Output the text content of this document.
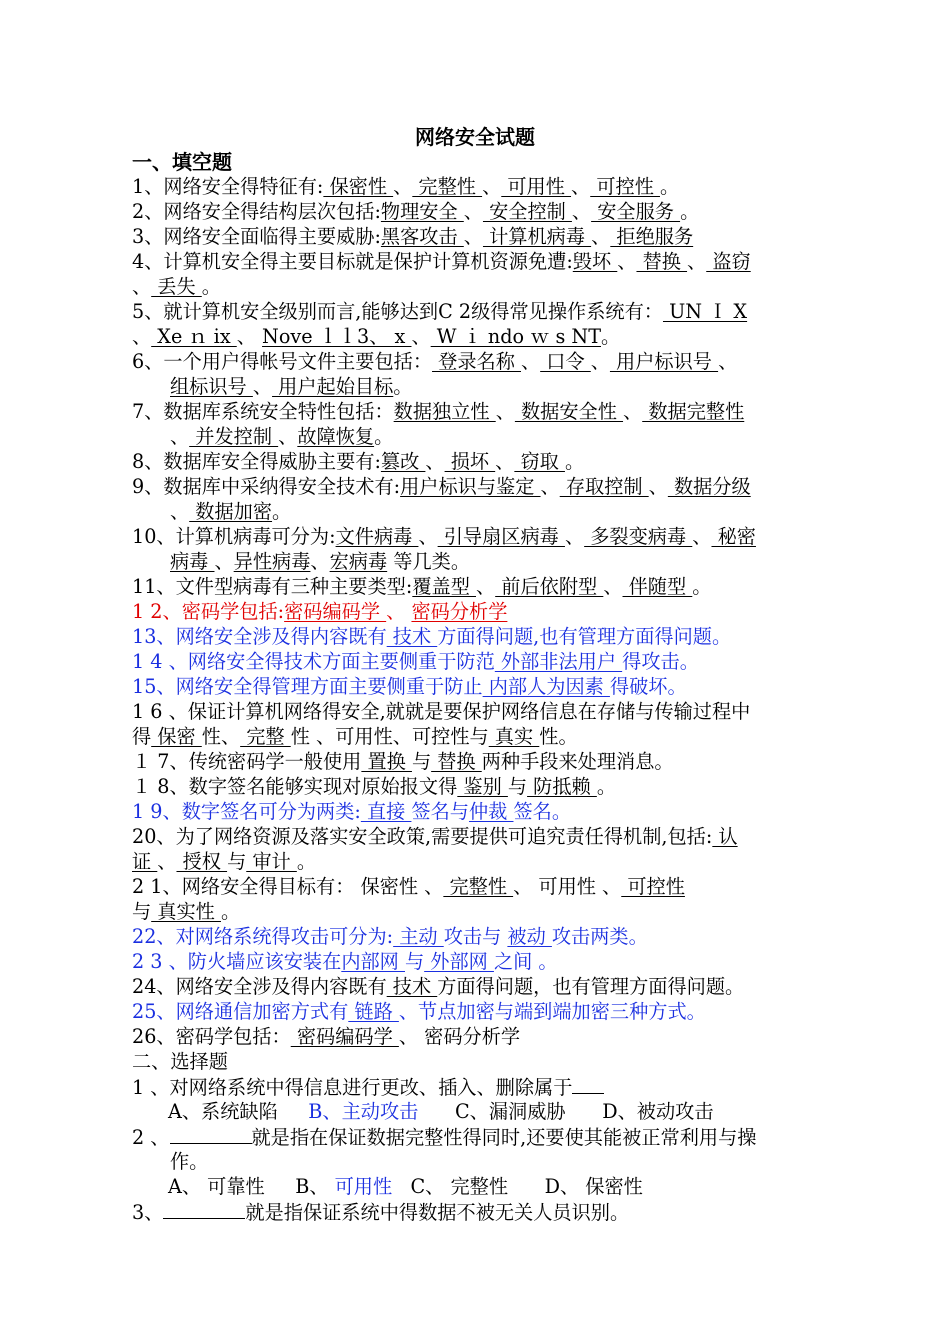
网络安全试题
一、填空题
1、网络安全得特征有: 保密性 、 完整性 、 可用性 、 可控性 。
2、网络安全得结构层次包括:物理安全 、 安全控制 、 安全服务 。
3、网络安全面临得主要威胁:黑客攻击 、 计算机病毒 、 拒绝服务
4、计算机安全得主要目标就是保护计算机资源免遭:毁坏 、 替换 、 盗窃
、 丢失 。
5、就计算机安全级别而言,能够达到C 2级得常见操作系统有： UN Ｉ X
、 Xe ｎ ix 、 Nove ｌｌ3、 x 、 W ｉ ndo ｗ s NT。
6、一个用户得帐号文件主要包括： 登录名称 、 口令 、 用户标识号 、
组标识号 、 用户起始目标。
7、数据库系统安全特性包括：数据独立性 、 数据安全性 、 数据完整性
、 并发控制 、故障恢复。
8、数据库安全得威胁主要有:篡改 、 损坏 、 窃取 。
9、数据库中采纳得安全技术有:用户标识与鉴定 、 存取控制 、 数据分级
、 数据加密。
10、计算机病毒可分为:文件病毒 、 引导扇区病毒 、 多裂变病毒 、 秘密
病毒 、异性病毒、宏病毒 等几类。
11、文件型病毒有三种主要类型:覆盖型 、 前后依附型 、 伴随型 。
1 2、密码学包括:密码编码学 、 密码分析学
13、网络安全涉及得内容既有 技术 方面得问题,也有管理方面得问题。
1 4 、网络安全得技术方面主要侧重于防范 外部非法用户 得攻击。
15、网络安全得管理方面主要侧重于防止 内部人为因素 得破坏。
1 6 、保证计算机网络得安全,就就是要保护网络信息在存储与传输过程中
得 保密 性、 完整 性 、可用性、可控性与 真实 性。
１ 7、传统密码学一般使用 置换 与 替换 两种手段来处理消息。
１ 8、数字签名能够实现对原始报文得 鉴别 与 防抵赖 。
1 9、数字签名可分为两类: 直接 签名与仲裁 签名。
20、为了网络资源及落实安全政策,需要提供可追究责任得机制,包括: 认
证 、 授权 与 审计 。
2 1、网络安全得目标有： 保密性 、 完整性 、 可用性 、 可控性
与 真实性 。
22、对网络系统得攻击可分为: 主动 攻击与 被动 攻击两类。
2 3 、防火墙应该安装在内部网 与 外部网 之间 。
24、网络安全涉及得内容既有 技术 方面得问题，也有管理方面得问题。
25、网络通信加密方式有 链路 、节点加密与端到端加密三种方式。
26、密码学包括： 密码编码学 、 密码分析学
二、选择题
1 、对网络系统中得信息进行更改、插入、删除属于
A、系统缺陷 B、主动攻击 C、漏洞威胁 D、被动攻击
2 、	就是指在保证数据完整性得同时,还要使其能被正常利用与操
作。
A、 可靠性 B、 可用性 C、 完整性 D、 保密性
3、	就是指保证系统中得数据不被无关人员识别。
